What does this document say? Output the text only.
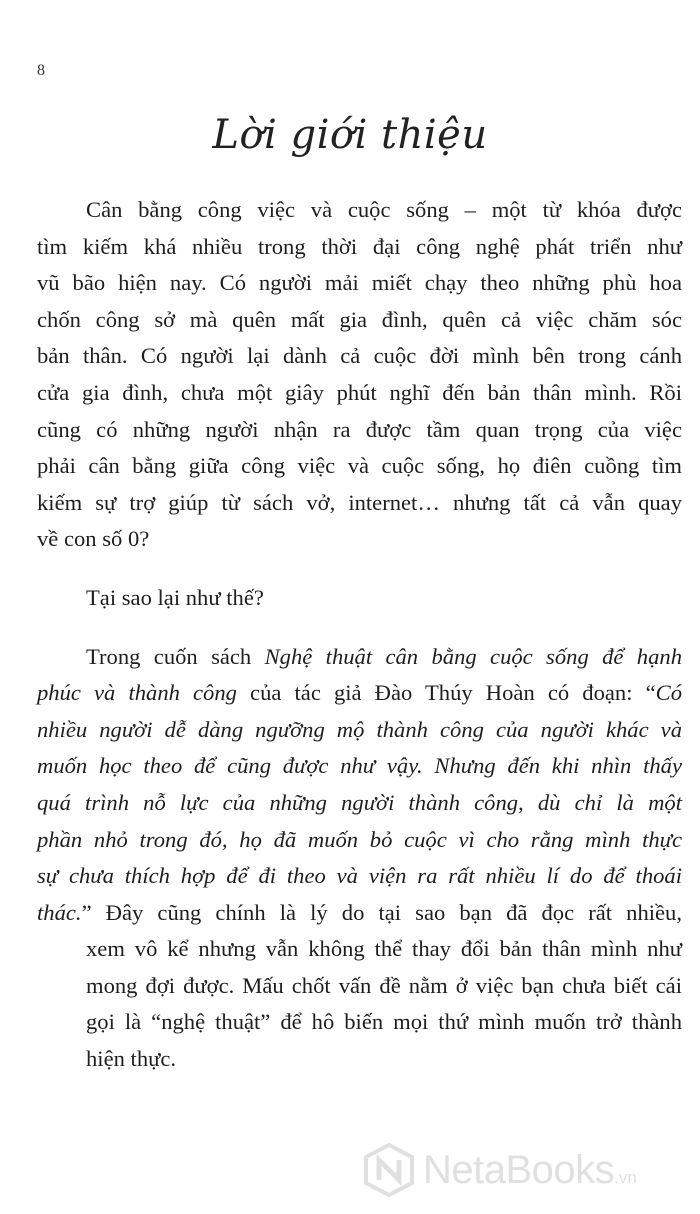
8
Lời giới thiệu
Cân bằng công việc và cuộc sống – một từ khóa được
tìm kiếm khá nhiều trong thời đại công nghệ phát triển như
vũ bão hiện nay. Có người mải miết chạy theo những phù hoa
chốn công sở mà quên mất gia đình, quên cả việc chăm sóc
bản thân. Có người lại dành cả cuộc đời mình bên trong cánh
cửa gia đình, chưa một giây phút nghĩ đến bản thân mình. Rồi
cũng có những người nhận ra được tầm quan trọng của việc
phải cân bằng giữa công việc và cuộc sống, họ điên cuồng tìm
kiếm sự trợ giúp từ sách vở, internet… nhưng tất cả vẫn quay
về con số 0?
Tại sao lại như thế?
Trong cuốn sách Nghệ thuật cân bằng cuộc sống để hạnh
phúc và thành công của tác giả Đào Thúy Hoàn có đoạn: “Có
nhiều người dễ dàng ngưỡng mộ thành công của người khác và
muốn học theo để cũng được như vậy. Nhưng đến khi nhìn thấy
quá trình nỗ lực của những người thành công, dù chỉ là một
phần nhỏ trong đó, họ đã muốn bỏ cuộc vì cho rằng mình thực
sự chưa thích hợp để đi theo và viện ra rất nhiều lí do để thoái
thác.” Đây cũng chính là lý do tại sao bạn đã đọc rất nhiều,
xem vô kể nhưng vẫn không thể thay đổi bản thân mình như
mong đợi được. Mấu chốt vấn đề nằm ở việc bạn chưa biết cái
gọi là “nghệ thuật” để hô biến mọi thứ mình muốn trở thành
hiện thực.
NetaBooks .vn
